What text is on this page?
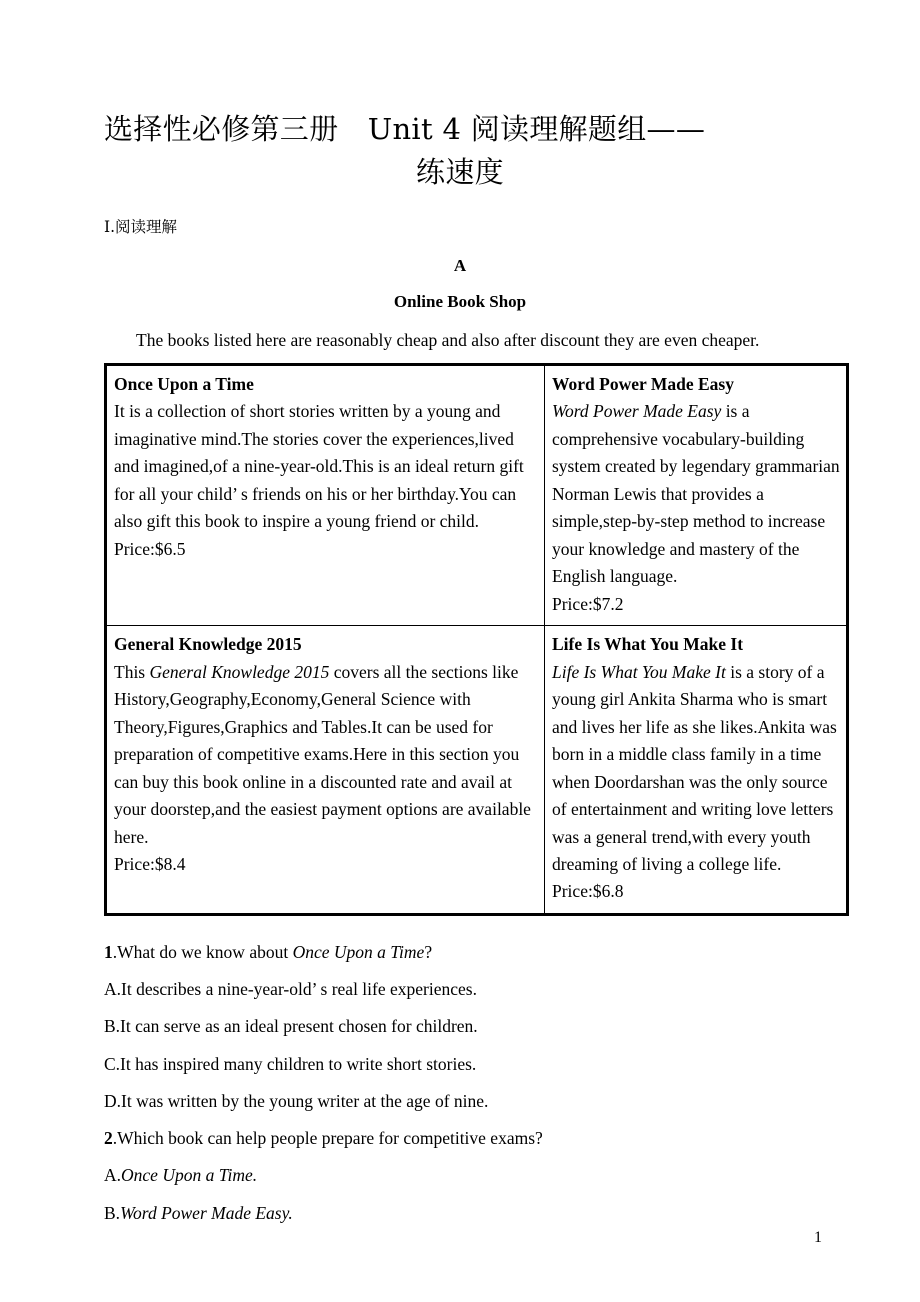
选择性必修第三册　Unit 4 阅读理解题组——
练速度
Ⅰ.阅读理解
A
Online Book Shop

The books listed here are reasonably cheap and also after discount they are even cheaper.

Once Upon a Time
It is a collection of short stories written by a young and imaginative mind.The stories cover the experiences,lived and imagined,of a nine-year-old.This is an ideal return gift for all your child’ s friends on his or her birthday.You can also gift this book to inspire a young friend or child.
Price:$6.5

Word Power Made Easy
Word Power Made Easy is a comprehensive vocabulary-building system created by legendary grammarian Norman Lewis that provides a simple,step-by-step method to increase your knowledge and mastery of the English language.
Price:$7.2

General Knowledge 2015
This General Knowledge 2015 covers all the sections like History,Geography,Economy,General Science with Theory,Figures,Graphics and Tables.It can be used for preparation of competitive exams.Here in this section you can buy this book online in a discounted rate and avail at your doorstep,and the easiest payment options are available here.
Price:$8.4

Life Is What You Make It
Life Is What You Make It is a story of a young girl Ankita Sharma who is smart and lives her life as she likes.Ankita was born in a middle class family in a time when Doordarshan was the only source of entertainment and writing love letters was a general trend,with every youth dreaming of living a college life.
Price:$6.8

1.What do we know about Once Upon a Time?

A.It describes a nine-year-old’ s real life experiences.

B.It can serve as an ideal present chosen for children.

C.It has inspired many children to write short stories.

D.It was written by the young writer at the age of nine.

2.Which book can help people prepare for competitive exams?

A.Once Upon a Time.

B.Word Power Made Easy.

1
